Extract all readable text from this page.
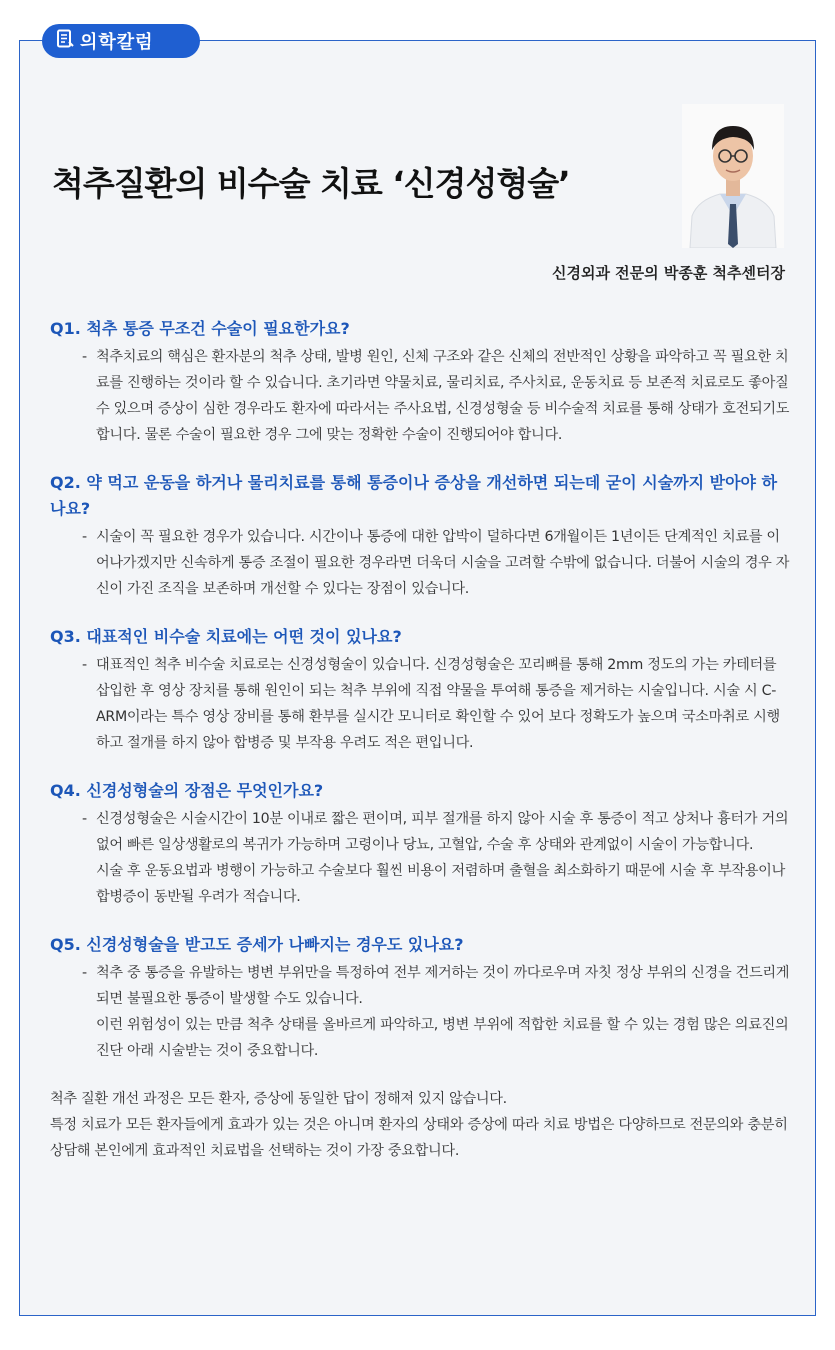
의학칼럼
척추질환의 비수술 치료 ‘신경성형술’
신경외과 전문의 박종훈 척추센터장

Q1. 척추 통증 무조건 수술이 필요한가요?

- 척추치료의 핵심은 환자분의 척추 상태, 발병 원인, 신체 구조와 같은 신체의 전반적인 상황을 파악하고 꼭 필요한 치료를 진행하는 것이라 할 수 있습니다. 초기라면 약물치료, 물리치료, 주사치료, 운동치료 등 보존적 치료로도 좋아질 수 있으며 증상이 심한 경우라도 환자에 따라서는 주사요법, 신경성형술 등 비수술적 치료를 통해 상태가 호전되기도 합니다. 물론 수술이 필요한 경우 그에 맞는 정확한 수술이 진행되어야 합니다.

Q2. 약 먹고 운동을 하거나 물리치료를 통해 통증이나 증상을 개선하면 되는데 굳이 시술까지 받아야 하나요?

- 시술이 꼭 필요한 경우가 있습니다. 시간이나 통증에 대한 압박이 덜하다면 6개월이든 1년이든 단계적인 치료를 이어나가겠지만 신속하게 통증 조절이 필요한 경우라면 더욱더 시술을 고려할 수밖에 없습니다. 더불어 시술의 경우 자신이 가진 조직을 보존하며 개선할 수 있다는 장점이 있습니다.

Q3. 대표적인 비수술 치료에는 어떤 것이 있나요?

- 대표적인 척추 비수술 치료로는 신경성형술이 있습니다. 신경성형술은 꼬리뼈를 통해 2mm 정도의 가는 카테터를 삽입한 후 영상 장치를 통해 원인이 되는 척추 부위에 직접 약물을 투여해 통증을 제거하는 시술입니다. 시술 시 C-ARM이라는 특수 영상 장비를 통해 환부를 실시간 모니터로 확인할 수 있어 보다 정확도가 높으며 국소마취로 시행하고 절개를 하지 않아 합병증 및 부작용 우려도 적은 편입니다.

Q4. 신경성형술의 장점은 무엇인가요?

- 신경성형술은 시술시간이 10분 이내로 짧은 편이며, 피부 절개를 하지 않아 시술 후 통증이 적고 상처나 흉터가 거의 없어 빠른 일상생활로의 복귀가 가능하며 고령이나 당뇨, 고혈압, 수술 후 상태와 관계없이 시술이 가능합니다.

시술 후 운동요법과 병행이 가능하고 수술보다 훨씬 비용이 저렴하며 출혈을 최소화하기 때문에 시술 후 부작용이나 합병증이 동반될 우려가 적습니다.

Q5. 신경성형술을 받고도 증세가 나빠지는 경우도 있나요?

- 척추 중 통증을 유발하는 병변 부위만을 특정하여 전부 제거하는 것이 까다로우며 자칫 정상 부위의 신경을 건드리게 되면 불필요한 통증이 발생할 수도 있습니다.

이런 위험성이 있는 만큼 척추 상태를 올바르게 파악하고, 병변 부위에 적합한 치료를 할 수 있는 경험 많은 의료진의 진단 아래 시술받는 것이 중요합니다.

척추 질환 개선 과정은 모든 환자, 증상에 동일한 답이 정해져 있지 않습니다.

특정 치료가 모든 환자들에게 효과가 있는 것은 아니며 환자의 상태와 증상에 따라 치료 방법은 다양하므로 전문의와 충분히 상담해 본인에게 효과적인 치료법을 선택하는 것이 가장 중요합니다.
